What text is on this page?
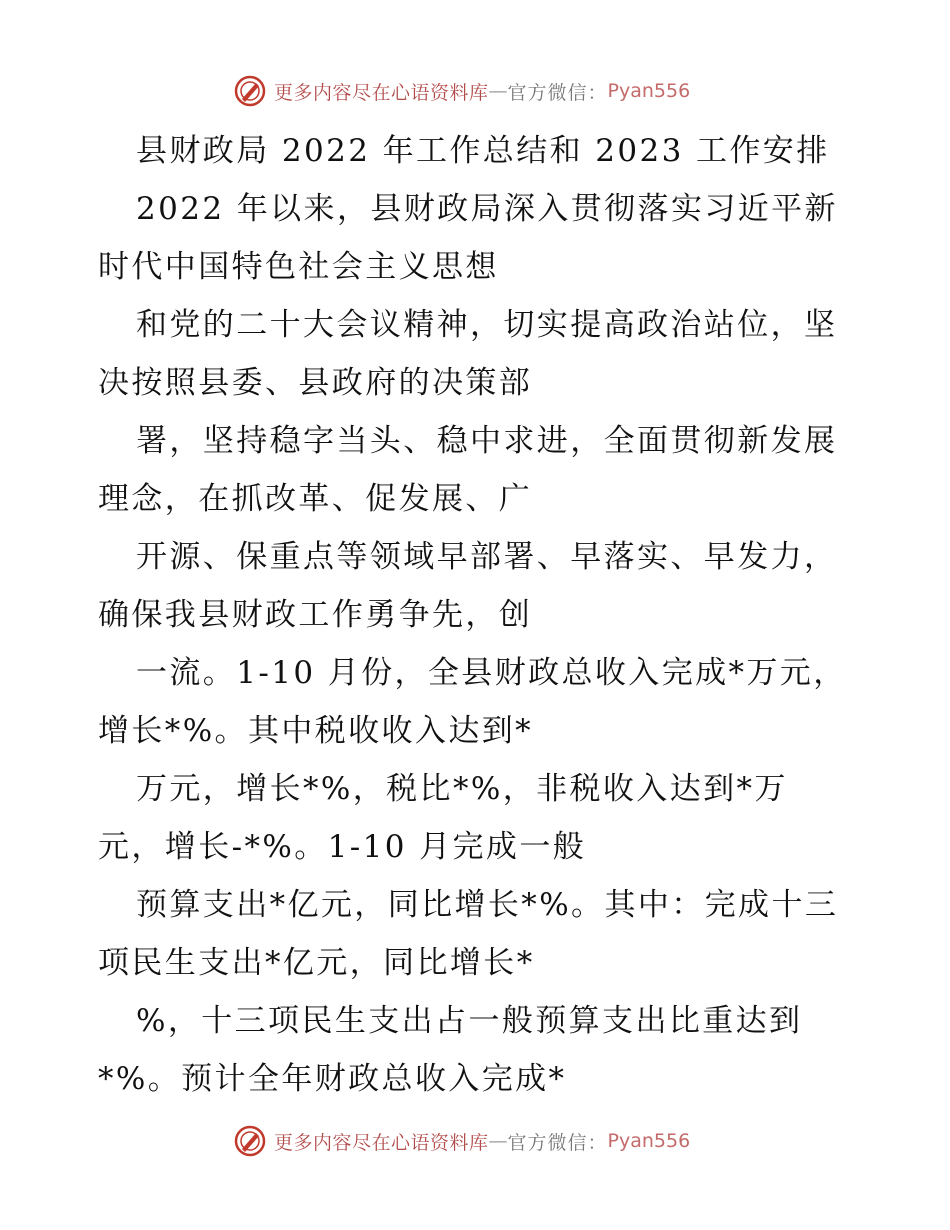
更多内容尽在心语资料库 — 官方微信： Pyan556
县财政局 2022 年工作总结和 2023 工作安排
2022 年以来，县财政局深入贯彻落实习近平新
时代中国特色社会主义思想
和党的二十大会议精神，切实提高政治站位，坚
决按照县委、县政府的决策部
署，坚持稳字当头、稳中求进，全面贯彻新发展
理念，在抓改革、促发展、广
开源、保重点等领域早部署、早落实、早发力，
确保我县财政工作勇争先，创
一流。1-10 月份，全县财政总收入完成*万元，
增长*%。其中税收收入达到*
万元，增长*%，税比*%，非税收入达到*万
元，增长-*%。1-10 月完成一般
预算支出*亿元，同比增长*%。其中：完成十三
项民生支出*亿元，同比增长*
%，十三项民生支出占一般预算支出比重达到
*%。预计全年财政总收入完成*
更多内容尽在心语资料库 — 官方微信： Pyan556
